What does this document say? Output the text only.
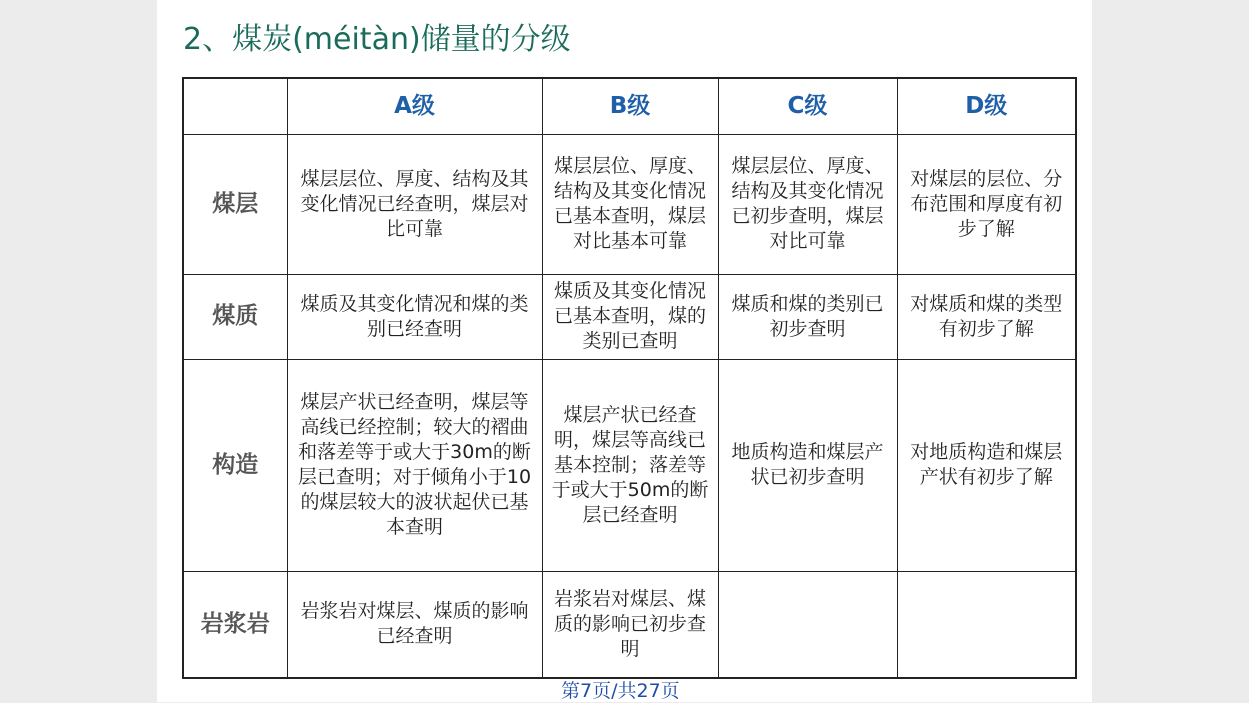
2、煤炭(méitàn)储量的分级
	A级	B级	C级	D级
煤层	煤层层位、厚度、结构及其变化情况已经查明，煤层对比可靠	煤层层位、厚度、结构及其变化情况已基本查明，煤层对比基本可靠	煤层层位、厚度、结构及其变化情况已初步查明，煤层对比可靠	对煤层的层位、分布范围和厚度有初步了解
煤质	煤质及其变化情况和煤的类别已经查明	煤质及其变化情况已基本查明，煤的类别已查明	煤质和煤的类别已初步查明	对煤质和煤的类型有初步了解
构造	煤层产状已经查明，煤层等高线已经控制；较大的褶曲和落差等于或大于30m的断层已查明；对于倾角小于10的煤层较大的波状起伏已基本查明	煤层产状已经查明，煤层等高线已基本控制；落差等于或大于50m的断层已经查明	地质构造和煤层产状已初步查明	对地质构造和煤层产状有初步了解
岩浆岩	岩浆岩对煤层、煤质的影响已经查明	岩浆岩对煤层、煤质的影响已初步查明		
第7页/共27页
